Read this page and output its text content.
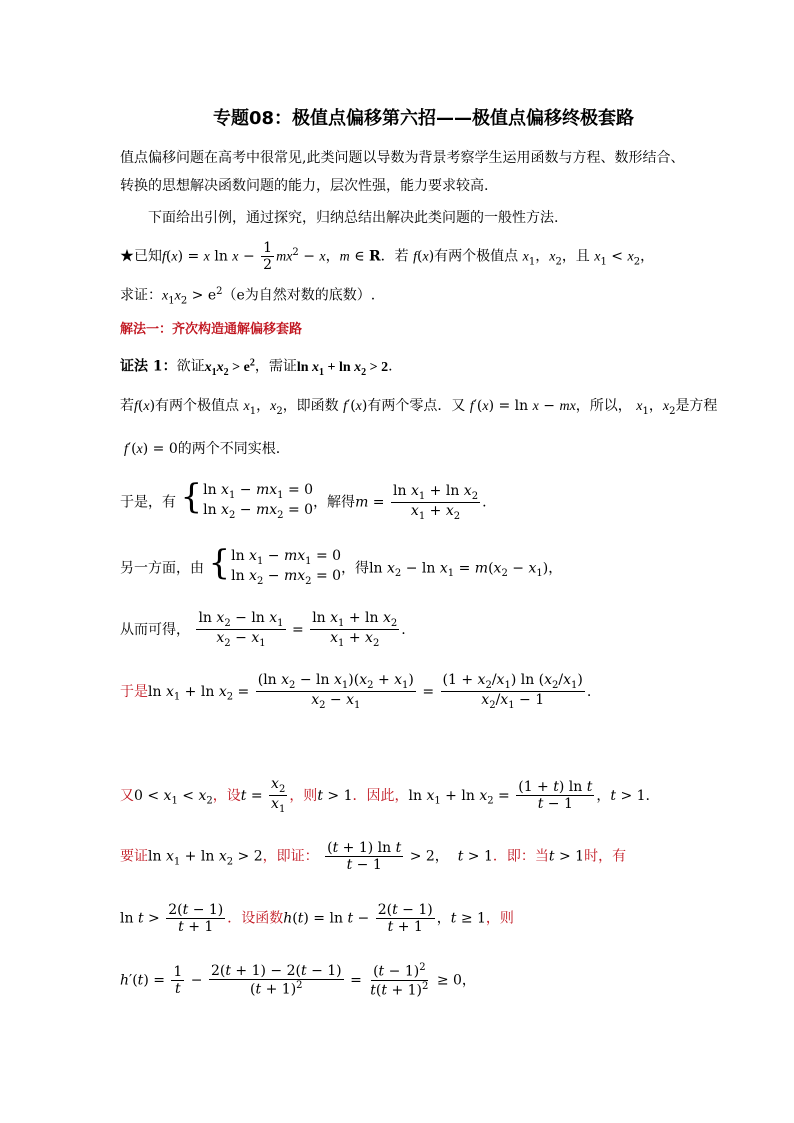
专题08：极值点偏移第六招——极值点偏移终极套路
值点偏移问题在高考中很常见,此类问题以导数为背景考察学生运用函数与方程、数形结合、
转换的思想解决函数问题的能力，层次性强，能力要求较高.
下面给出引例，通过探究，归纳总结出解决此类问题的一般性方法.
★已知f(x) = x $\ln x - \frac{1}{2} mx^2 - x$，m ∈ R．若 f(x)有两个极值点 $x_1$，$x_2$，且 $x_1 < x_2$，
求证：$x_1x_2 > e^2(e$为自然对数的底数）.
解法一：齐次构造通解偏移套路
证法 1：欲证$x_1x_2 > e^2$，需证$\ln x_1 + \ln x_2 > 2$.
若f(x)有两个极值点 $x_1$，$x_2$，即函数 f′(x)有两个零点．又 f′(x) = ln x − mx，所以， $x_1$，$x_2$是方程
f′(x) = 0的两个不同实根.
于是，有 { $\ln x_1 - mx_1 = 0$
$\ln x_2 - mx_2 = 0$ ，解得$m = \frac{\ln x_1 + \ln x_2}{x_1 + x_2}$ .
另一方面，由 { $\ln x_1 - mx_1 = 0$
$\ln x_2 - mx_2 = 0$ ，得$\ln x_2 - \ln x_1 = m(x_2 - x_1)$，
从而可得， $\frac{\ln x_2 - \ln x_1}{x_2 - x_1} = \frac{\ln x_1 + \ln x_2}{x_1 + x_2}$ .
于是$\ln x_1 + \ln x_2 = \frac{(\ln x_2 - \ln x_1)(x_2 + x_1)}{x_2 - x_1} = \frac{(1 + x_2/x_1) \ln (x_2/x_1)}{x_2/x_1 - 1}$ .
又$0 < x_1 < x_2$，设$t = \frac{x_2}{x_1}$ ，则t > 1．因此，$\ln x_1 + \ln x_2 = \frac{\text{(1 + t) ln t}}{t - 1}$ ，t > 1.
要证$\ln x_1 + \ln x_2 > 2$，即证： $\frac{\text{(t + 1) ln t}}{t - 1} > 2$，  t > 1．即：当t > 1时，有
$\ln t > \frac{2(t - 1)}{t + 1}$ ．设函数$h(t) = \ln t - \frac{2(t - 1)}{t + 1}$ ，t ≥ 1，则
$h'(t) = \frac{1}{t} - \frac{2(t + 1) - 2(t - 1)}{(t + 1)^2} = \frac{(t - 1)^2}{t(t + 1)^2} \ge 0$，
